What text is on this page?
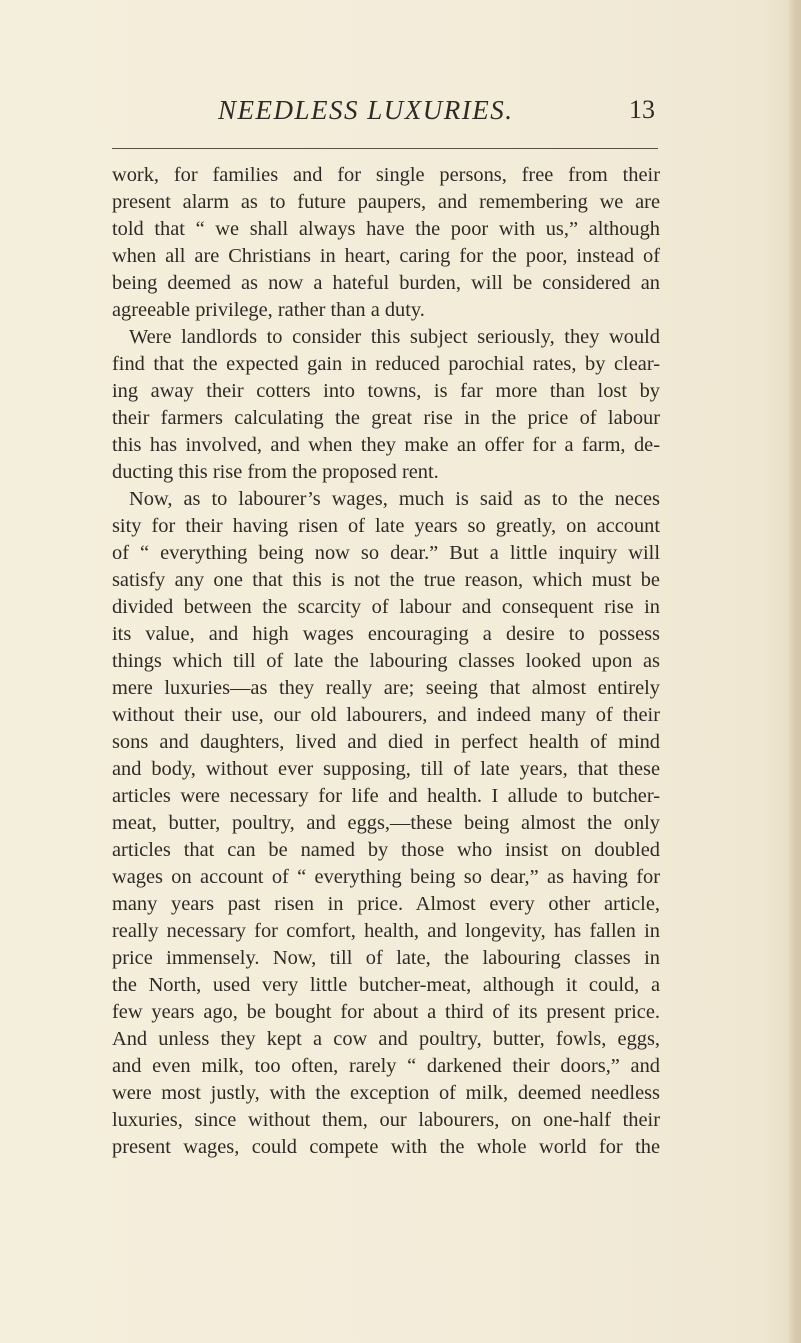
NEEDLESS LUXURIES.	13
work, for families and for single persons, free from their
present alarm as to future paupers, and remembering we are
told that “ we shall always have the poor with us,” although
when all are Christians in heart, caring for the poor, instead of
being deemed as now a hateful burden, will be considered an
agreeable privilege, rather than a duty.
Were landlords to consider this subject seriously, they would
find that the expected gain in reduced parochial rates, by clear-
ing away their cotters into towns, is far more than lost by
their farmers calculating the great rise in the price of labour
this has involved, and when they make an offer for a farm, de-
ducting this rise from the proposed rent.
Now, as to labourer’s wages, much is said as to the neces
sity for their having risen of late years so greatly, on account
of “ everything being now so dear.” But a little inquiry will
satisfy any one that this is not the true reason, which must be
divided between the scarcity of labour and consequent rise in
its value, and high wages encouraging a desire to possess
things which till of late the labouring classes looked upon as
mere luxuries—as they really are; seeing that almost entirely
without their use, our old labourers, and indeed many of their
sons and daughters, lived and died in perfect health of mind
and body, without ever supposing, till of late years, that these
articles were necessary for life and health. I allude to butcher-
meat, butter, poultry, and eggs,—these being almost the only
articles that can be named by those who insist on doubled
wages on account of “ everything being so dear,” as having for
many years past risen in price. Almost every other article,
really necessary for comfort, health, and longevity, has fallen in
price immensely. Now, till of late, the labouring classes in
the North, used very little butcher-meat, although it could, a
few years ago, be bought for about a third of its present price.
And unless they kept a cow and poultry, butter, fowls, eggs,
and even milk, too often, rarely “ darkened their doors,” and
were most justly, with the exception of milk, deemed needless
luxuries, since without them, our labourers, on one-half their
present wages, could compete with the whole world for the
